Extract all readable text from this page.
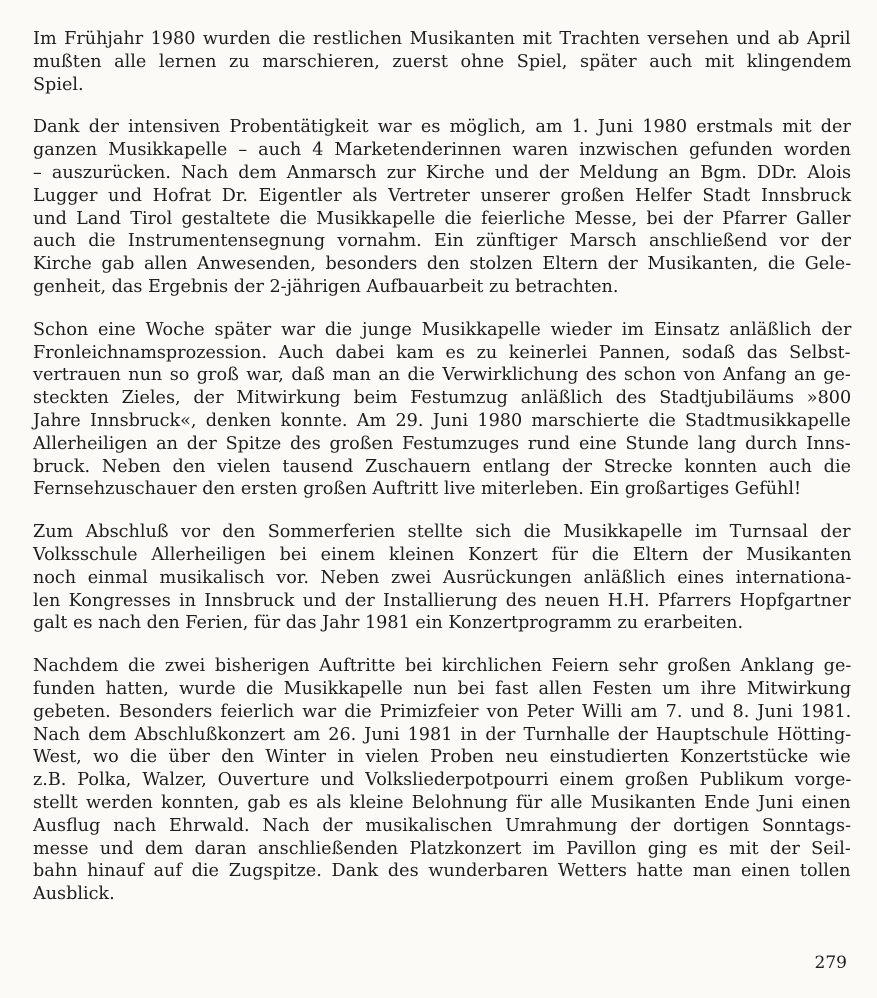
Im Frühjahr 1980 wurden die restlichen Musikanten mit Trachten versehen und ab April
mußten alle lernen zu marschieren, zuerst ohne Spiel, später auch mit klingendem
Spiel.

Dank der intensiven Probentätigkeit war es möglich, am 1. Juni 1980 erstmals mit der
ganzen Musikkapelle – auch 4 Marketenderinnen waren inzwischen gefunden worden
– auszurücken. Nach dem Anmarsch zur Kirche und der Meldung an Bgm. DDr. Alois
Lugger und Hofrat Dr. Eigentler als Vertreter unserer großen Helfer Stadt Innsbruck
und Land Tirol gestaltete die Musikkapelle die feierliche Messe, bei der Pfarrer Galler
auch die Instrumentensegnung vornahm. Ein zünftiger Marsch anschließend vor der
Kirche gab allen Anwesenden, besonders den stolzen Eltern der Musikanten, die Gele-
genheit, das Ergebnis der 2-jährigen Aufbauarbeit zu betrachten.

Schon eine Woche später war die junge Musikkapelle wieder im Einsatz anläßlich der
Fronleichnamsprozession. Auch dabei kam es zu keinerlei Pannen, sodaß das Selbst-
vertrauen nun so groß war, daß man an die Verwirklichung des schon von Anfang an ge-
steckten Zieles, der Mitwirkung beim Festumzug anläßlich des Stadtjubiläums »800
Jahre Innsbruck«, denken konnte. Am 29. Juni 1980 marschierte die Stadtmusikkapelle
Allerheiligen an der Spitze des großen Festumzuges rund eine Stunde lang durch Inns-
bruck. Neben den vielen tausend Zuschauern entlang der Strecke konnten auch die
Fernsehzuschauer den ersten großen Auftritt live miterleben. Ein großartiges Gefühl!

Zum Abschluß vor den Sommerferien stellte sich die Musikkapelle im Turnsaal der
Volksschule Allerheiligen bei einem kleinen Konzert für die Eltern der Musikanten
noch einmal musikalisch vor. Neben zwei Ausrückungen anläßlich eines internationa-
len Kongresses in Innsbruck und der Installierung des neuen H.H. Pfarrers Hopfgartner
galt es nach den Ferien, für das Jahr 1981 ein Konzertprogramm zu erarbeiten.

Nachdem die zwei bisherigen Auftritte bei kirchlichen Feiern sehr großen Anklang ge-
funden hatten, wurde die Musikkapelle nun bei fast allen Festen um ihre Mitwirkung
gebeten. Besonders feierlich war die Primizfeier von Peter Willi am 7. und 8. Juni 1981.
Nach dem Abschlußkonzert am 26. Juni 1981 in der Turnhalle der Hauptschule Hötting-
West, wo die über den Winter in vielen Proben neu einstudierten Konzertstücke wie
z.B. Polka, Walzer, Ouverture und Volksliederpotpourri einem großen Publikum vorge-
stellt werden konnten, gab es als kleine Belohnung für alle Musikanten Ende Juni einen
Ausflug nach Ehrwald. Nach der musikalischen Umrahmung der dortigen Sonntags-
messe und dem daran anschließenden Platzkonzert im Pavillon ging es mit der Seil-
bahn hinauf auf die Zugspitze. Dank des wunderbaren Wetters hatte man einen tollen
Ausblick.

279
